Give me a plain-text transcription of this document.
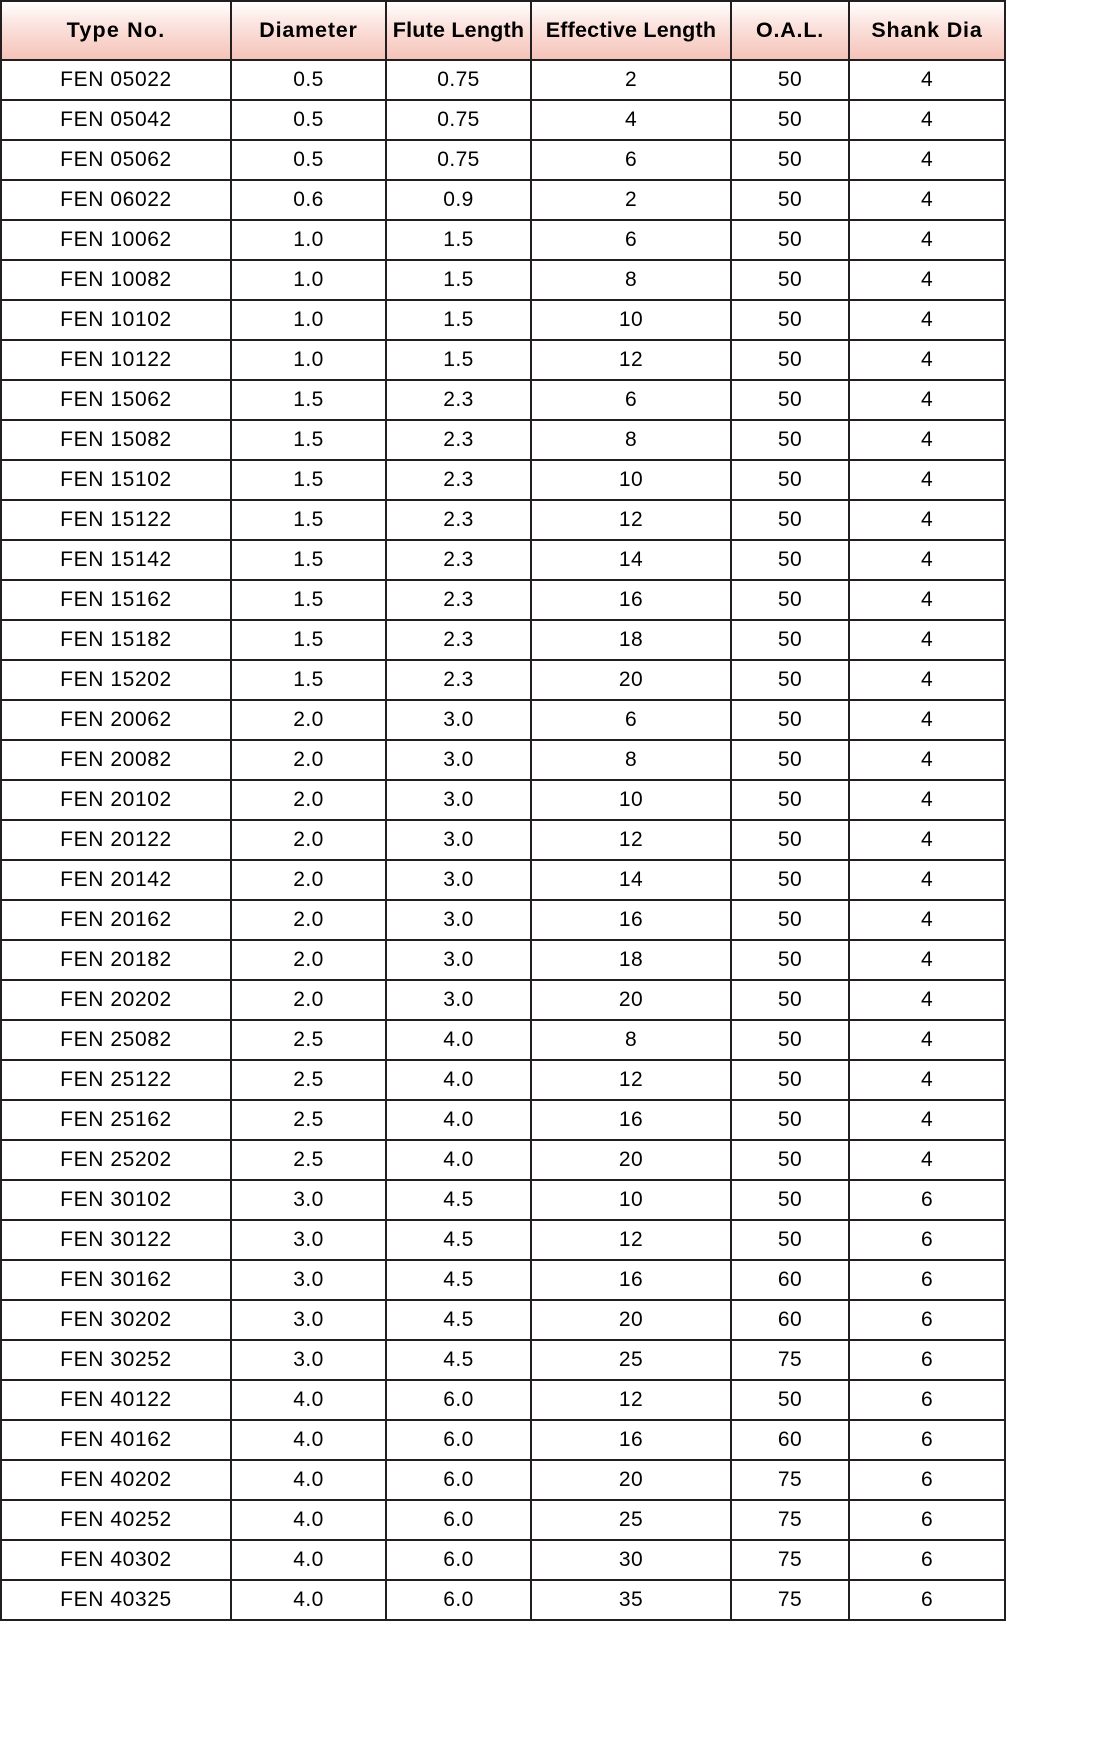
Type No.	Diameter	Flute Length	Effective Length	O.A.L.	Shank Dia
FEN 05022	0.5	0.75	2	50	4
FEN 05042	0.5	0.75	4	50	4
FEN 05062	0.5	0.75	6	50	4
FEN 06022	0.6	0.9	2	50	4
FEN 10062	1.0	1.5	6	50	4
FEN 10082	1.0	1.5	8	50	4
FEN 10102	1.0	1.5	10	50	4
FEN 10122	1.0	1.5	12	50	4
FEN 15062	1.5	2.3	6	50	4
FEN 15082	1.5	2.3	8	50	4
FEN 15102	1.5	2.3	10	50	4
FEN 15122	1.5	2.3	12	50	4
FEN 15142	1.5	2.3	14	50	4
FEN 15162	1.5	2.3	16	50	4
FEN 15182	1.5	2.3	18	50	4
FEN 15202	1.5	2.3	20	50	4
FEN 20062	2.0	3.0	6	50	4
FEN 20082	2.0	3.0	8	50	4
FEN 20102	2.0	3.0	10	50	4
FEN 20122	2.0	3.0	12	50	4
FEN 20142	2.0	3.0	14	50	4
FEN 20162	2.0	3.0	16	50	4
FEN 20182	2.0	3.0	18	50	4
FEN 20202	2.0	3.0	20	50	4
FEN 25082	2.5	4.0	8	50	4
FEN 25122	2.5	4.0	12	50	4
FEN 25162	2.5	4.0	16	50	4
FEN 25202	2.5	4.0	20	50	4
FEN 30102	3.0	4.5	10	50	6
FEN 30122	3.0	4.5	12	50	6
FEN 30162	3.0	4.5	16	60	6
FEN 30202	3.0	4.5	20	60	6
FEN 30252	3.0	4.5	25	75	6
FEN 40122	4.0	6.0	12	50	6
FEN 40162	4.0	6.0	16	60	6
FEN 40202	4.0	6.0	20	75	6
FEN 40252	4.0	6.0	25	75	6
FEN 40302	4.0	6.0	30	75	6
FEN 40325	4.0	6.0	35	75	6
